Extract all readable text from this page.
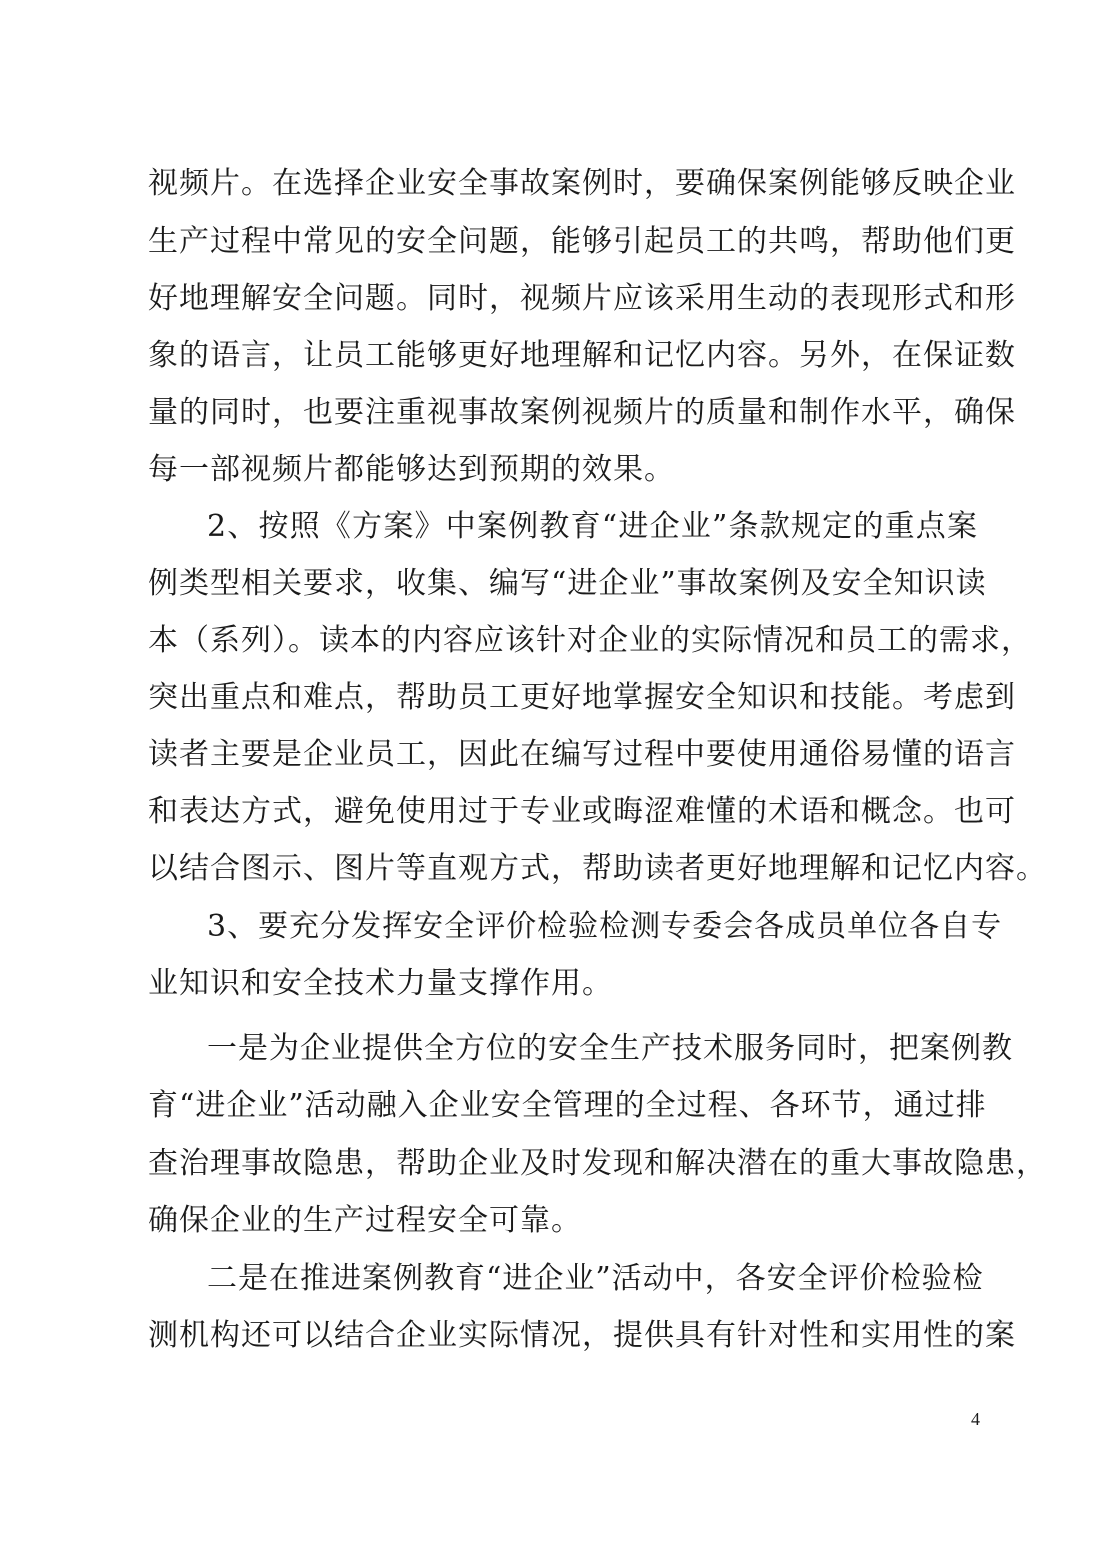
视频片。在选择企业安全事故案例时，要确保案例能够反映企业
生产过程中常见的安全问题，能够引起员工的共鸣，帮助他们更
好地理解安全问题。同时，视频片应该采用生动的表现形式和形
象的语言，让员工能够更好地理解和记忆内容。另外，在保证数
量的同时，也要注重视事故案例视频片的质量和制作水平，确保
每一部视频片都能够达到预期的效果。
2、按照《方案》中案例教育“进企业”条款规定的重点案
例类型相关要求，收集、编写“进企业”事故案例及安全知识读
本（系列）。读本的内容应该针对企业的实际情况和员工的需求，
突出重点和难点，帮助员工更好地掌握安全知识和技能。考虑到
读者主要是企业员工，因此在编写过程中要使用通俗易懂的语言
和表达方式，避免使用过于专业或晦涩难懂的术语和概念。也可
以结合图示、图片等直观方式，帮助读者更好地理解和记忆内容。
3、要充分发挥安全评价检验检测专委会各成员单位各自专
业知识和安全技术力量支撑作用。
一是为企业提供全方位的安全生产技术服务同时，把案例教
育“进企业”活动融入企业安全管理的全过程、各环节，通过排
查治理事故隐患，帮助企业及时发现和解决潜在的重大事故隐患，
确保企业的生产过程安全可靠。
二是在推进案例教育“进企业”活动中，各安全评价检验检
测机构还可以结合企业实际情况，提供具有针对性和实用性的案
4
